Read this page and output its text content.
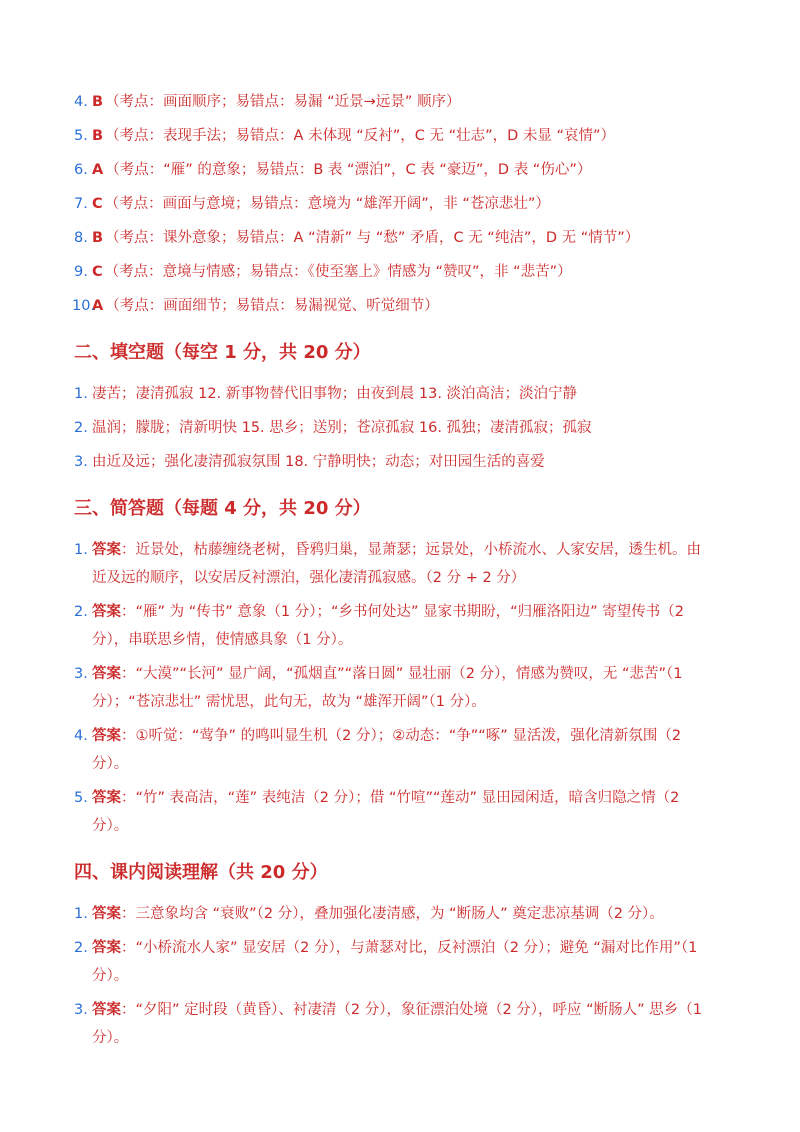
4. B （考点：画面顺序；易错点：易漏 “近景→远景” 顺序）
5. B （考点：表现手法；易错点：A 未体现 “反衬”，C 无 “壮志”，D 未显 “哀情”）
6. A （考点：“雁” 的意象；易错点：B 表 “漂泊”，C 表 “豪迈”，D 表 “伤心”）
7. C （考点：画面与意境；易错点：意境为 “雄浑开阔”，非 “苍凉悲壮”）
8. B （考点：课外意象；易错点：A “清新” 与 “愁” 矛盾，C 无 “纯洁”，D 无 “情节”）
9. C （考点：意境与情感；易错点：《使至塞上》情感为 “赞叹”，非 “悲苦”）
10.
A （考点：画面细节；易错点：易漏视觉、听觉细节）
二、填空题（每空 1 分，共 20 分）
1. 凄苦；凄清孤寂 12. 新事物替代旧事物；由夜到晨 13. 淡泊高洁；淡泊宁静
2. 温润；朦胧；清新明快 15. 思乡；送别；苍凉孤寂 16. 孤独；凄清孤寂；孤寂
3. 由近及远；强化凄清孤寂氛围 18. 宁静明快；动态；对田园生活的喜爱
三、简答题（每题 4 分，共 20 分）
1. 答案：近景处，枯藤缠绕老树，昏鸦归巢，显萧瑟；远景处，小桥流水、人家安居，透生机。由近及远的顺序，以安居反衬漂泊，强化凄清孤寂感。（2 分 + 2 分）
2. 答案：“雁” 为 “传书” 意象（1 分）；“乡书何处达” 显家书期盼，“归雁洛阳边” 寄望传书（2 分），串联思乡情，使情感具象（1 分）。
3. 答案：“大漠”“长河” 显广阔，“孤烟直”“落日圆” 显壮丽（2 分），情感为赞叹，无 “悲苦”（1 分）；“苍凉悲壮” 需忧思，此句无，故为 “雄浑开阔”（1 分）。
4. 答案：①听觉：“莺争” 的鸣叫显生机（2 分）；②动态：“争”“啄” 显活泼，强化清新氛围（2 分）。
5. 答案：“竹” 表高洁，“莲” 表纯洁（2 分）；借 “竹喧”“莲动” 显田园闲适，暗含归隐之情（2 分）。
四、课内阅读理解（共 20 分）
1. 答案：三意象均含 “衰败”（2 分），叠加强化凄清感，为 “断肠人” 奠定悲凉基调（2 分）。
2. 答案：“小桥流水人家” 显安居（2 分），与萧瑟对比，反衬漂泊（2 分）；避免 “漏对比作用”（1 分）。
3. 答案：“夕阳” 定时段（黄昏）、衬凄清（2 分），象征漂泊处境（2 分），呼应 “断肠人” 思乡（1 分）。
